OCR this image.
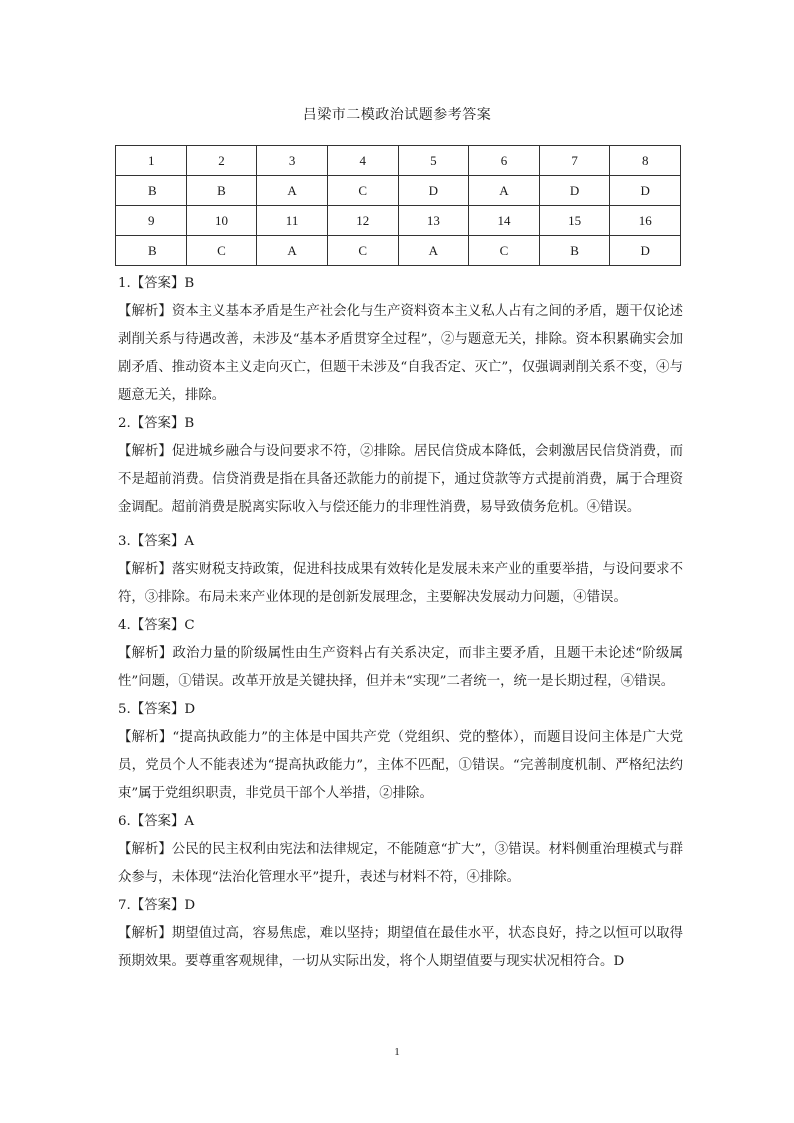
吕梁市二模政治试题参考答案
1	2	3	4	5	6	7	8
B	B	A	C	D	A	D	D
9	10	11	12	13	14	15	16
B	C	A	C	A	C	B	D

1.【答案】B

【解析】资本主义基本矛盾是生产社会化与生产资料资本主义私人占有之间的矛盾，题干仅论述剥削关系与待遇改善，未涉及“基本矛盾贯穿全过程”，②与题意无关，排除。资本积累确实会加剧矛盾、推动资本主义走向灭亡，但题干未涉及“自我否定、灭亡”，仅强调剥削关系不变，④与题意无关，排除。

2.【答案】B

【解析】促进城乡融合与设问要求不符，②排除。居民信贷成本降低，会刺激居民信贷消费，而不是超前消费。信贷消费是指在具备还款能力的前提下，通过贷款等方式提前消费，属于合理资金调配。超前消费是脱离实际收入与偿还能力的非理性消费，易导致债务危机。④错误。

3.【答案】A

【解析】落实财税支持政策，促进科技成果有效转化是发展未来产业的重要举措，与设问要求不符，③排除。布局未来产业体现的是创新发展理念，主要解决发展动力问题，④错误。

4.【答案】C

【解析】政治力量的阶级属性由生产资料占有关系决定，而非主要矛盾，且题干未论述“阶级属性”问题，①错误。改革开放是关键抉择，但并未“实现”二者统一，统一是长期过程，④错误。

5.【答案】D

【解析】“提高执政能力”的主体是中国共产党（党组织、党的整体），而题目设问主体是广大党员，党员个人不能表述为“提高执政能力”，主体不匹配，①错误。“完善制度机制、严格纪法约束”属于党组织职责，非党员干部个人举措，②排除。

6.【答案】A

【解析】公民的民主权利由宪法和法律规定，不能随意“扩大”，③错误。材料侧重治理模式与群众参与，未体现“法治化管理水平”提升，表述与材料不符，④排除。

7.【答案】D

【解析】期望值过高，容易焦虑，难以坚持；期望值在最佳水平，状态良好，持之以恒可以取得预期效果。要尊重客观规律，一切从实际出发，将个人期望值要与现实状况相符合。D

1
